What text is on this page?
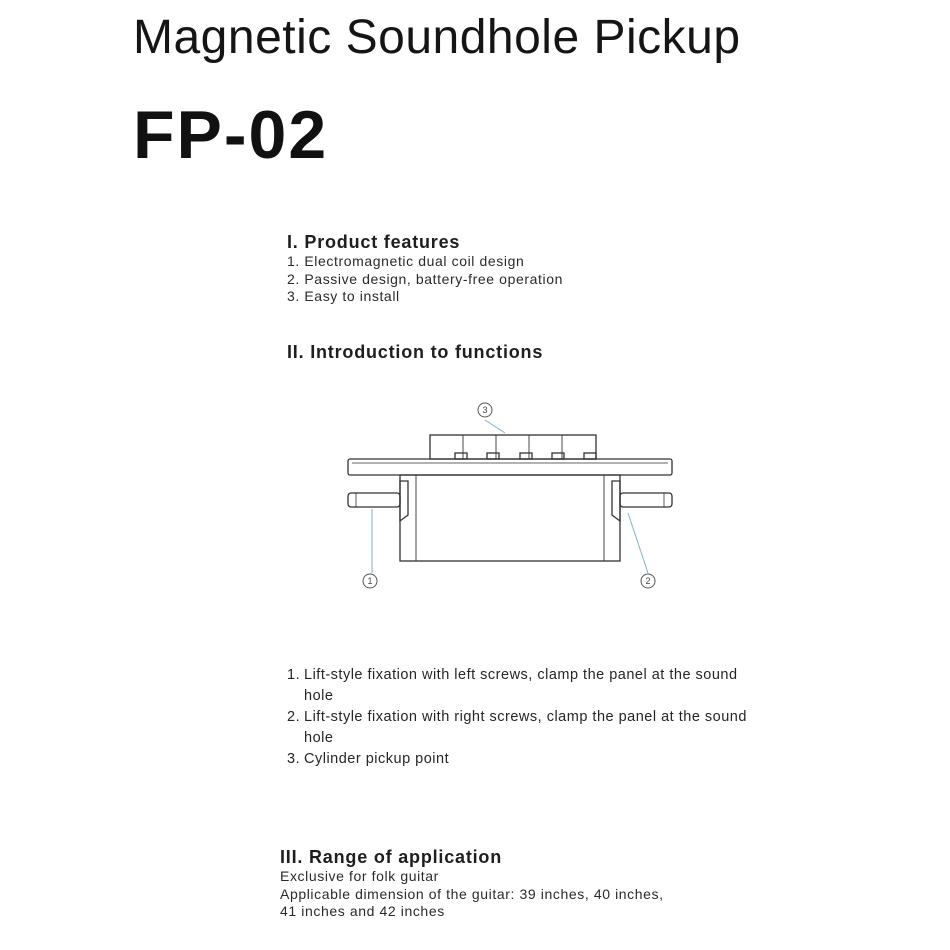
Magnetic Soundhole Pickup
FP-02

I. Product features

1. Electromagnetic dual coil design
2. Passive design, battery-free operation
3. Easy to install

II. Introduction to functions

1	2
3
1. Lift-style fixation with left screws, clamp the panel at the sound hole
2. Lift-style fixation with right screws, clamp the panel at the sound hole
3. Cylinder pickup point

III. Range of application

Exclusive for folk guitar
Applicable dimension of the guitar: 39 inches, 40 inches,
41 inches and 42 inches
